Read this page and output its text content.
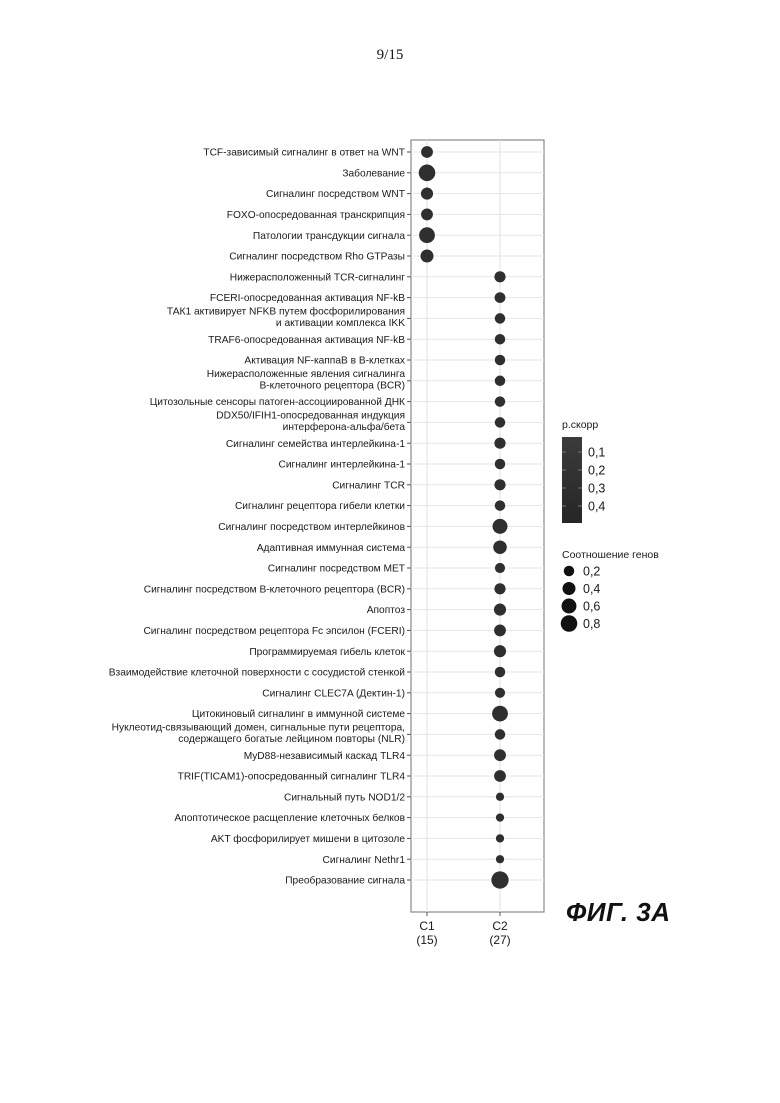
9/15
TCF-зависимый сигналинг в ответ на WNT
Заболевание
Сигналинг посредством WNT
FOXO-опосредованная транскрипция
Патологии трансдукции сигнала
Сигналинг посредством Rho GTPазы
Нижерасположенный TCR-сигналинг
FCERI-опосредованная активация NF-kB
ТАК1 активирует NFKB путем фосфорилированияи активации комплекса IKK
TRAF6-опосредованная активация NF-kB
Активация NF-каппаB в B-клетках
Нижерасположенные явления сигналингаB-клеточного рецептора (BCR)
Цитозольные сенсоры патоген-ассоциированной ДНК
DDX50/IFIH1-опосредованная индукцияинтерферона-альфа/бета
Сигналинг семейства интерлейкина-1
Сигналинг интерлейкина-1
Сигналинг TCR
Сигналинг рецептора гибели клетки
Сигналинг посредством интерлейкинов
Адаптивная иммунная система
Сигналинг посредством MET
Сигналинг посредством B-клеточного рецептора (BCR)
Апоптоз
Сигналинг посредством рецептора Fc эпсилон (FCERI)
Программируемая гибель клеток
Взаимодействие клеточной поверхности с сосудистой стенкой
Сигналинг CLEC7A (Дектин-1)
Цитокиновый сигналинг в иммунной системе
Нуклеотид-связывающий домен, сигнальные пути рецептора,содержащего богатые лейцином повторы (NLR)
MyD88-независимый каскад TLR4
TRIF(TICAM1)-опосредованный сигналинг TLR4
Сигнальный путь NOD1/2
Апоптотическое расщепление клеточных белков
AKT фосфорилирует мишени в цитозоле
Сигналинг Nethr1
Преобразование сигнала
C1
(15)
C2
(27)
р.скорр
0,1
0,2
0,3
0,4
Соотношение генов
0,2
0,4
0,6
0,8
ФИГ. 3А
